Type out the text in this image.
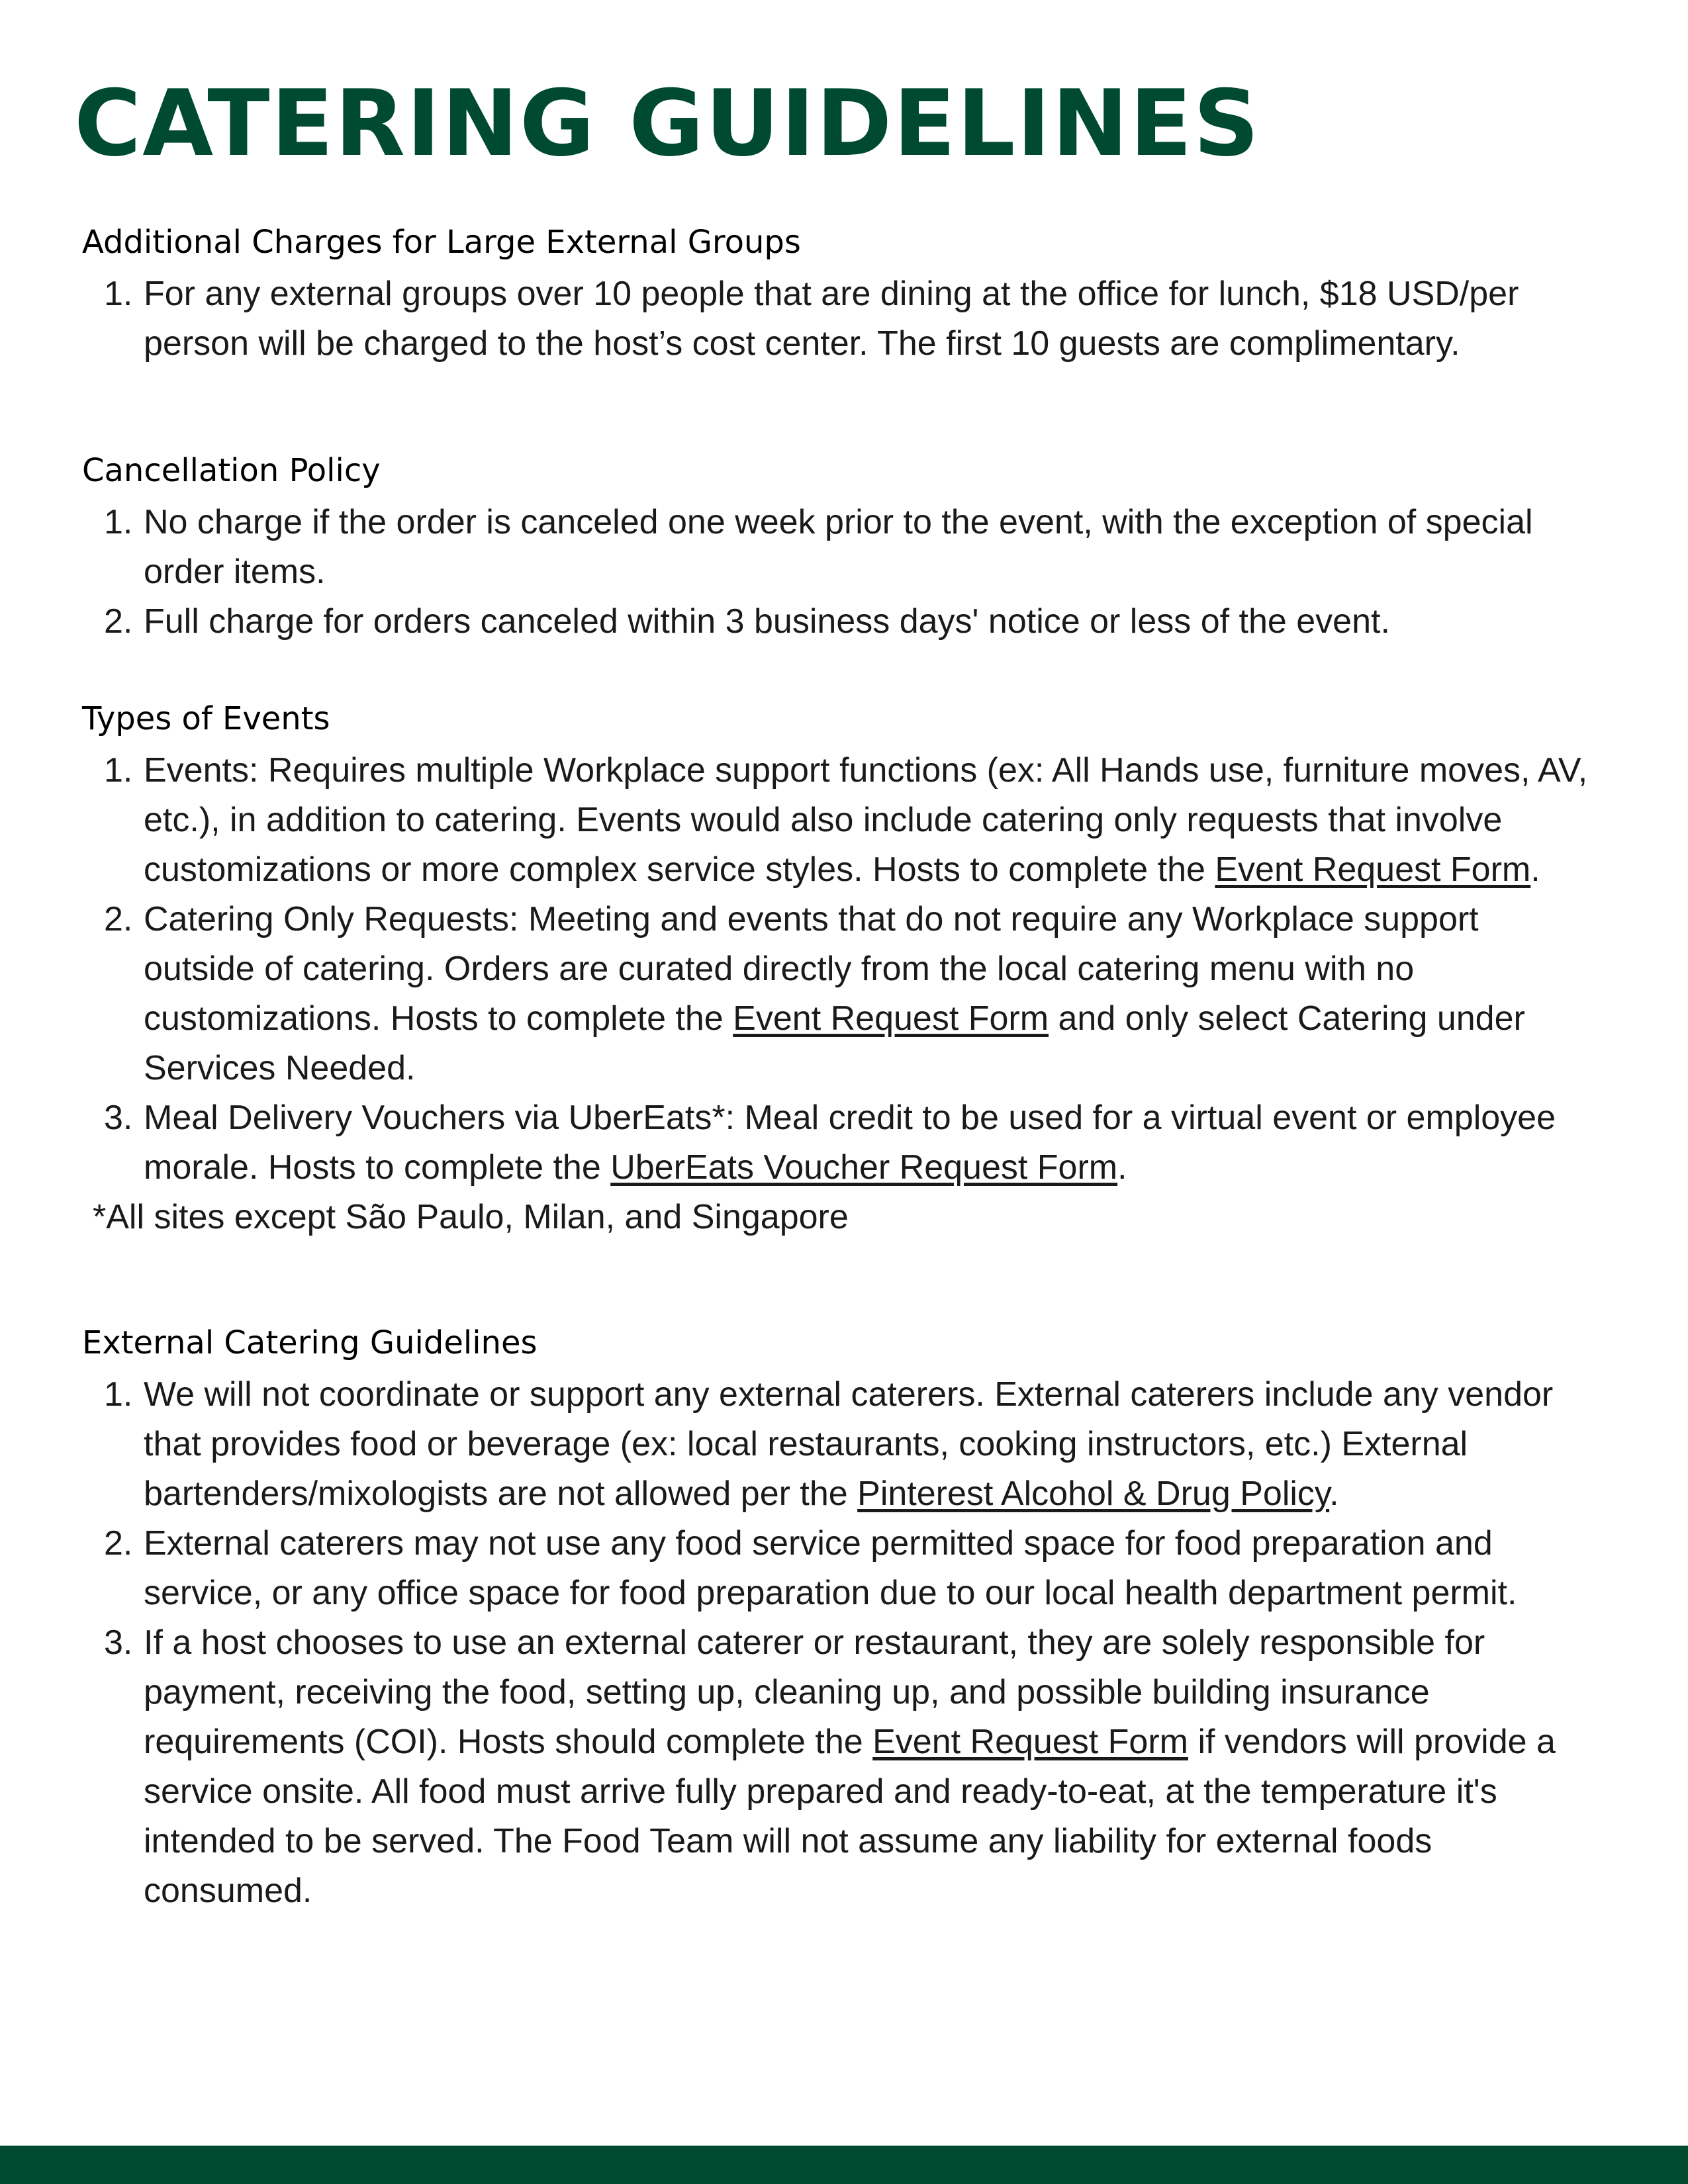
CATERING GUIDELINES
Additional Charges for Large External Groups
1. For any external groups over 10 people that are dining at the office for lunch, $18 USD/per person will be charged to the host’s cost center. The first 10 guests are complimentary.
Cancellation Policy
1. No charge if the order is canceled one week prior to the event, with the exception of special order items.
2. Full charge for orders canceled within 3 business days' notice or less of the event.
Types of Events
1. Events: Requires multiple Workplace support functions (ex: All Hands use, furniture moves, AV, etc.), in addition to catering. Events would also include catering only requests that involve customizations or more complex service styles. Hosts to complete the Event Request Form.
2. Catering Only Requests: Meeting and events that do not require any Workplace support outside of catering. Orders are curated directly from the local catering menu with no customizations. Hosts to complete the Event Request Form and only select Catering under Services Needed.
3. Meal Delivery Vouchers via UberEats*: Meal credit to be used for a virtual event or employee morale. Hosts to complete the UberEats Voucher Request Form.

*All sites except São Paulo, Milan, and Singapore

External Catering Guidelines
1. We will not coordinate or support any external caterers. External caterers include any vendor that provides food or beverage (ex: local restaurants, cooking instructors, etc.) External bartenders/mixologists are not allowed per the Pinterest Alcohol & Drug Policy.
2. External caterers may not use any food service permitted space for food preparation and service, or any office space for food preparation due to our local health department permit.
3. If a host chooses to use an external caterer or restaurant, they are solely responsible for payment, receiving the food, setting up, cleaning up, and possible building insurance requirements (COI). Hosts should complete the Event Request Form if vendors will provide a service onsite. All food must arrive fully prepared and ready-to-eat, at the temperature it's intended to be served. The Food Team will not assume any liability for external foods consumed.
